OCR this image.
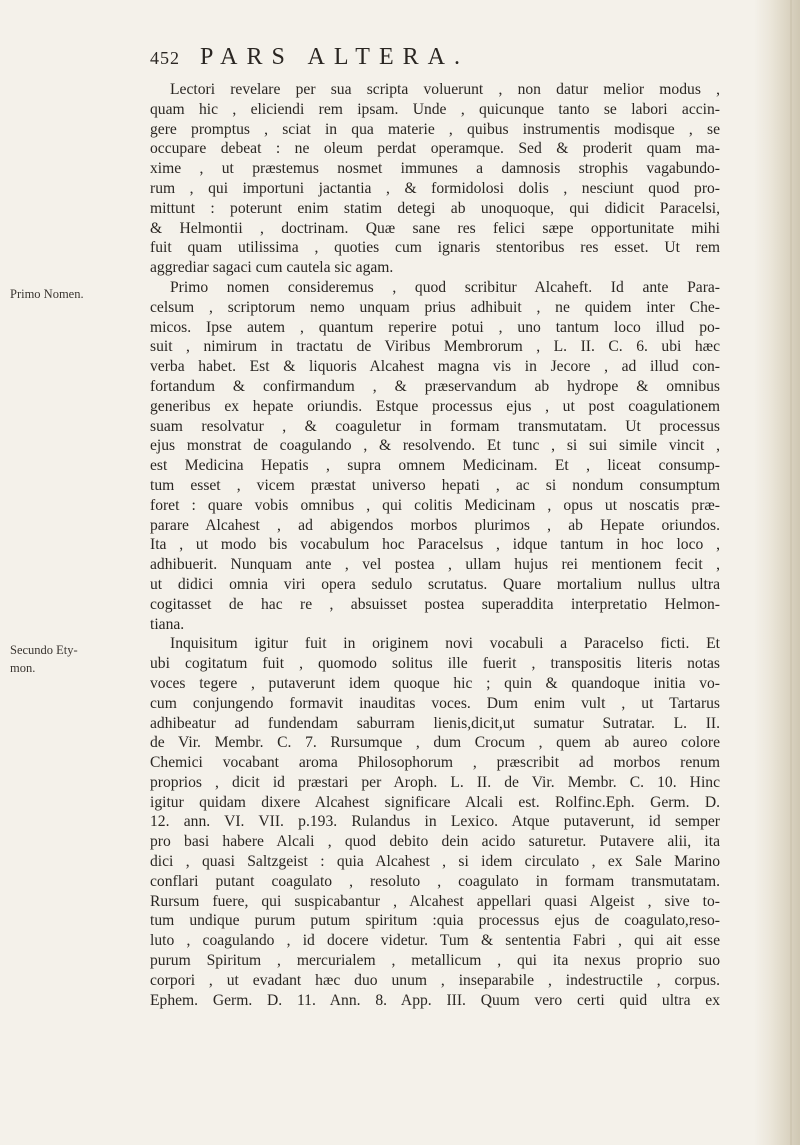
452 PARS ALTERA.
Primo Nomen.
Secundo Ety-
mon.
Lectori revelare per sua scripta voluerunt , non datur melior modus ,
quam hic , eliciendi rem ipsam. Unde , quicunque tanto se labori accin-
gere promptus , sciat in qua materie , quibus instrumentis modisque , se
occupare debeat : ne oleum perdat operamque. Sed & proderit quam ma-
xime , ut præstemus nosmet immunes a damnosis strophis vagabundo-
rum , qui importuni jactantia , & formidolosi dolis , nesciunt quod pro-
mittunt : poterunt enim statim detegi ab unoquoque, qui didicit Paracelsi,
& Helmontii , doctrinam. Quæ sane res felici sæpe opportunitate mihi
fuit quam utilissima , quoties cum ignaris stentoribus res esset. Ut rem
aggrediar sagaci cum cautela sic agam.
Primo nomen consideremus , quod scribitur Alcaheft. Id ante Para-
celsum , scriptorum nemo unquam prius adhibuit , ne quidem inter Che-
micos. Ipse autem , quantum reperire potui , uno tantum loco illud po-
suit , nimirum in tractatu de Viribus Membrorum , L. II. C. 6. ubi hæc
verba habet. Est & liquoris Alcahest magna vis in Jecore , ad illud con-
fortandum & confirmandum , & præservandum ab hydrope & omnibus
generibus ex hepate oriundis. Estque processus ejus , ut post coagulationem
suam resolvatur , & coaguletur in formam transmutatam. Ut processus
ejus monstrat de coagulando , & resolvendo. Et tunc , si sui simile vincit ,
est Medicina Hepatis , supra omnem Medicinam. Et , liceat consump-
tum esset , vicem præstat universo hepati , ac si nondum consumptum
foret : quare vobis omnibus , qui colitis Medicinam , opus ut noscatis præ-
parare Alcahest , ad abigendos morbos plurimos , ab Hepate oriundos.
Ita , ut modo bis vocabulum hoc Paracelsus , idque tantum in hoc loco ,
adhibuerit. Nunquam ante , vel postea , ullam hujus rei mentionem fecit ,
ut didici omnia viri opera sedulo scrutatus. Quare mortalium nullus ultra
cogitasset de hac re , absuisset postea superaddita interpretatio Helmon-
tiana.
Inquisitum igitur fuit in originem novi vocabuli a Paracelso ficti. Et
ubi cogitatum fuit , quomodo solitus ille fuerit , transpositis literis notas
voces tegere , putaverunt idem quoque hic ; quin & quandoque initia vo-
cum conjungendo formavit inauditas voces. Dum enim vult , ut Tartarus
adhibeatur ad fundendam saburram lienis,dicit,ut sumatur Sutratar. L. II.
de Vir. Membr. C. 7. Rursumque , dum Crocum , quem ab aureo colore
Chemici vocabant aroma Philosophorum , præscribit ad morbos renum
proprios , dicit id præstari per Aroph. L. II. de Vir. Membr. C. 10. Hinc
igitur quidam dixere Alcahest significare Alcali est. Rolfinc.Eph. Germ. D.
12. ann. VI. VII. p.193. Rulandus in Lexico. Atque putaverunt, id semper
pro basi habere Alcali , quod debito dein acido saturetur. Putavere alii, ita
dici , quasi Saltzgeist : quia Alcahest , si idem circulato , ex Sale Marino
conflari putant coagulato , resoluto , coagulato in formam transmutatam.
Rursum fuere, qui suspicabantur , Alcahest appellari quasi Algeist , sive to-
tum undique purum putum spiritum :quia processus ejus de coagulato,reso-
luto , coagulando , id docere videtur. Tum & sententia Fabri , qui ait esse
purum Spiritum , mercurialem , metallicum , qui ita nexus proprio suo
corpori , ut evadant hæc duo unum , inseparabile , indestructile , corpus.
Ephem. Germ. D. 11. Ann. 8. App. III. Quum vero certi quid ultra ex
